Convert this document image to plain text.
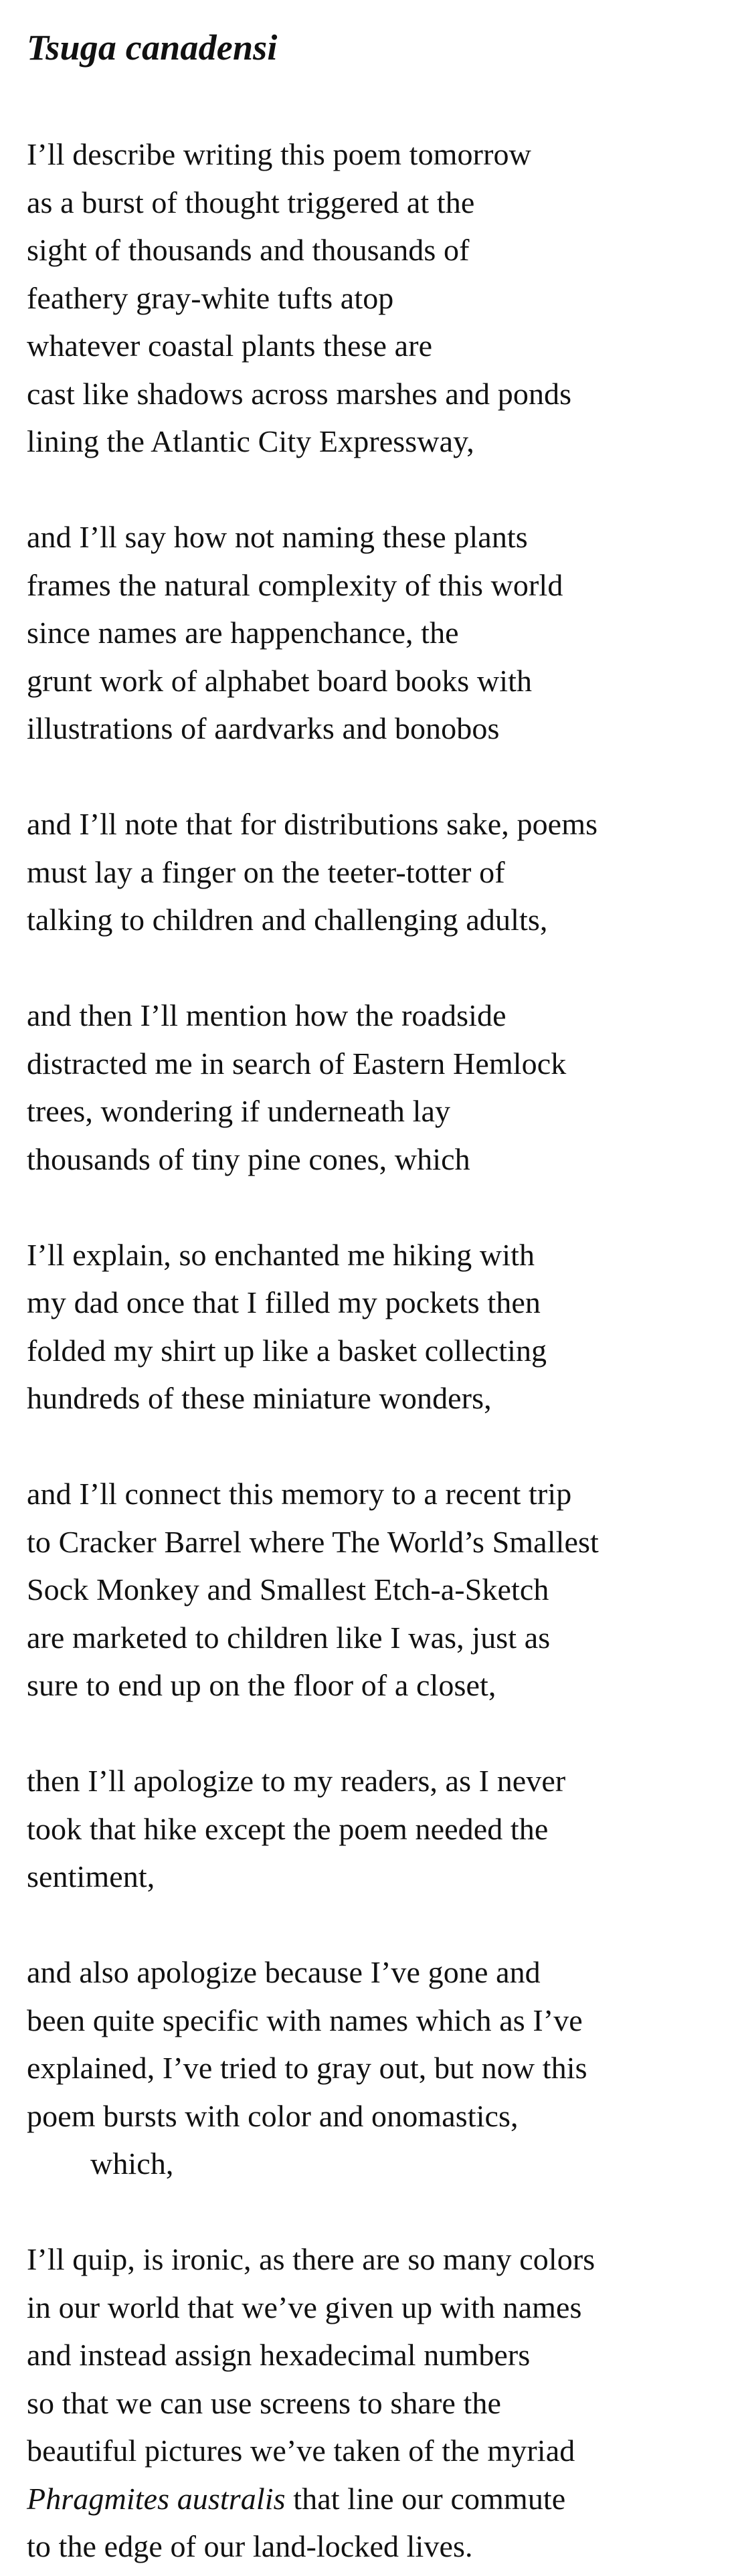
Tsuga canadensi

I’ll describe writing this poem tomorrow
as a burst of thought triggered at the
sight of thousands and thousands of
feathery gray-white tufts atop
whatever coastal plants these are
cast like shadows across marshes and ponds
lining the Atlantic City Expressway,

and I’ll say how not naming these plants
frames the natural complexity of this world
since names are happenchance, the
grunt work of alphabet board books with
illustrations of aardvarks and bonobos

and I’ll note that for distributions sake, poems
must lay a finger on the teeter-totter of
talking to children and challenging adults,

and then I’ll mention how the roadside
distracted me in search of Eastern Hemlock
trees, wondering if underneath lay
thousands of tiny pine cones, which

I’ll explain, so enchanted me hiking with
my dad once that I filled my pockets then
folded my shirt up like a basket collecting
hundreds of these miniature wonders,

and I’ll connect this memory to a recent trip
to Cracker Barrel where The World’s Smallest
Sock Monkey and Smallest Etch-a-Sketch
are marketed to children like I was, just as
sure to end up on the floor of a closet,

then I’ll apologize to my readers, as I never
took that hike except the poem needed the
sentiment,

and also apologize because I’ve gone and
been quite specific with names which as I’ve
explained, I’ve tried to gray out, but now this
poem bursts with color and onomastics,
which,

I’ll quip, is ironic, as there are so many colors
in our world that we’ve given up with names
and instead assign hexadecimal numbers
so that we can use screens to share the
beautiful pictures we’ve taken of the myriad
Phragmites australis that line our commute
to the edge of our land-locked lives.
